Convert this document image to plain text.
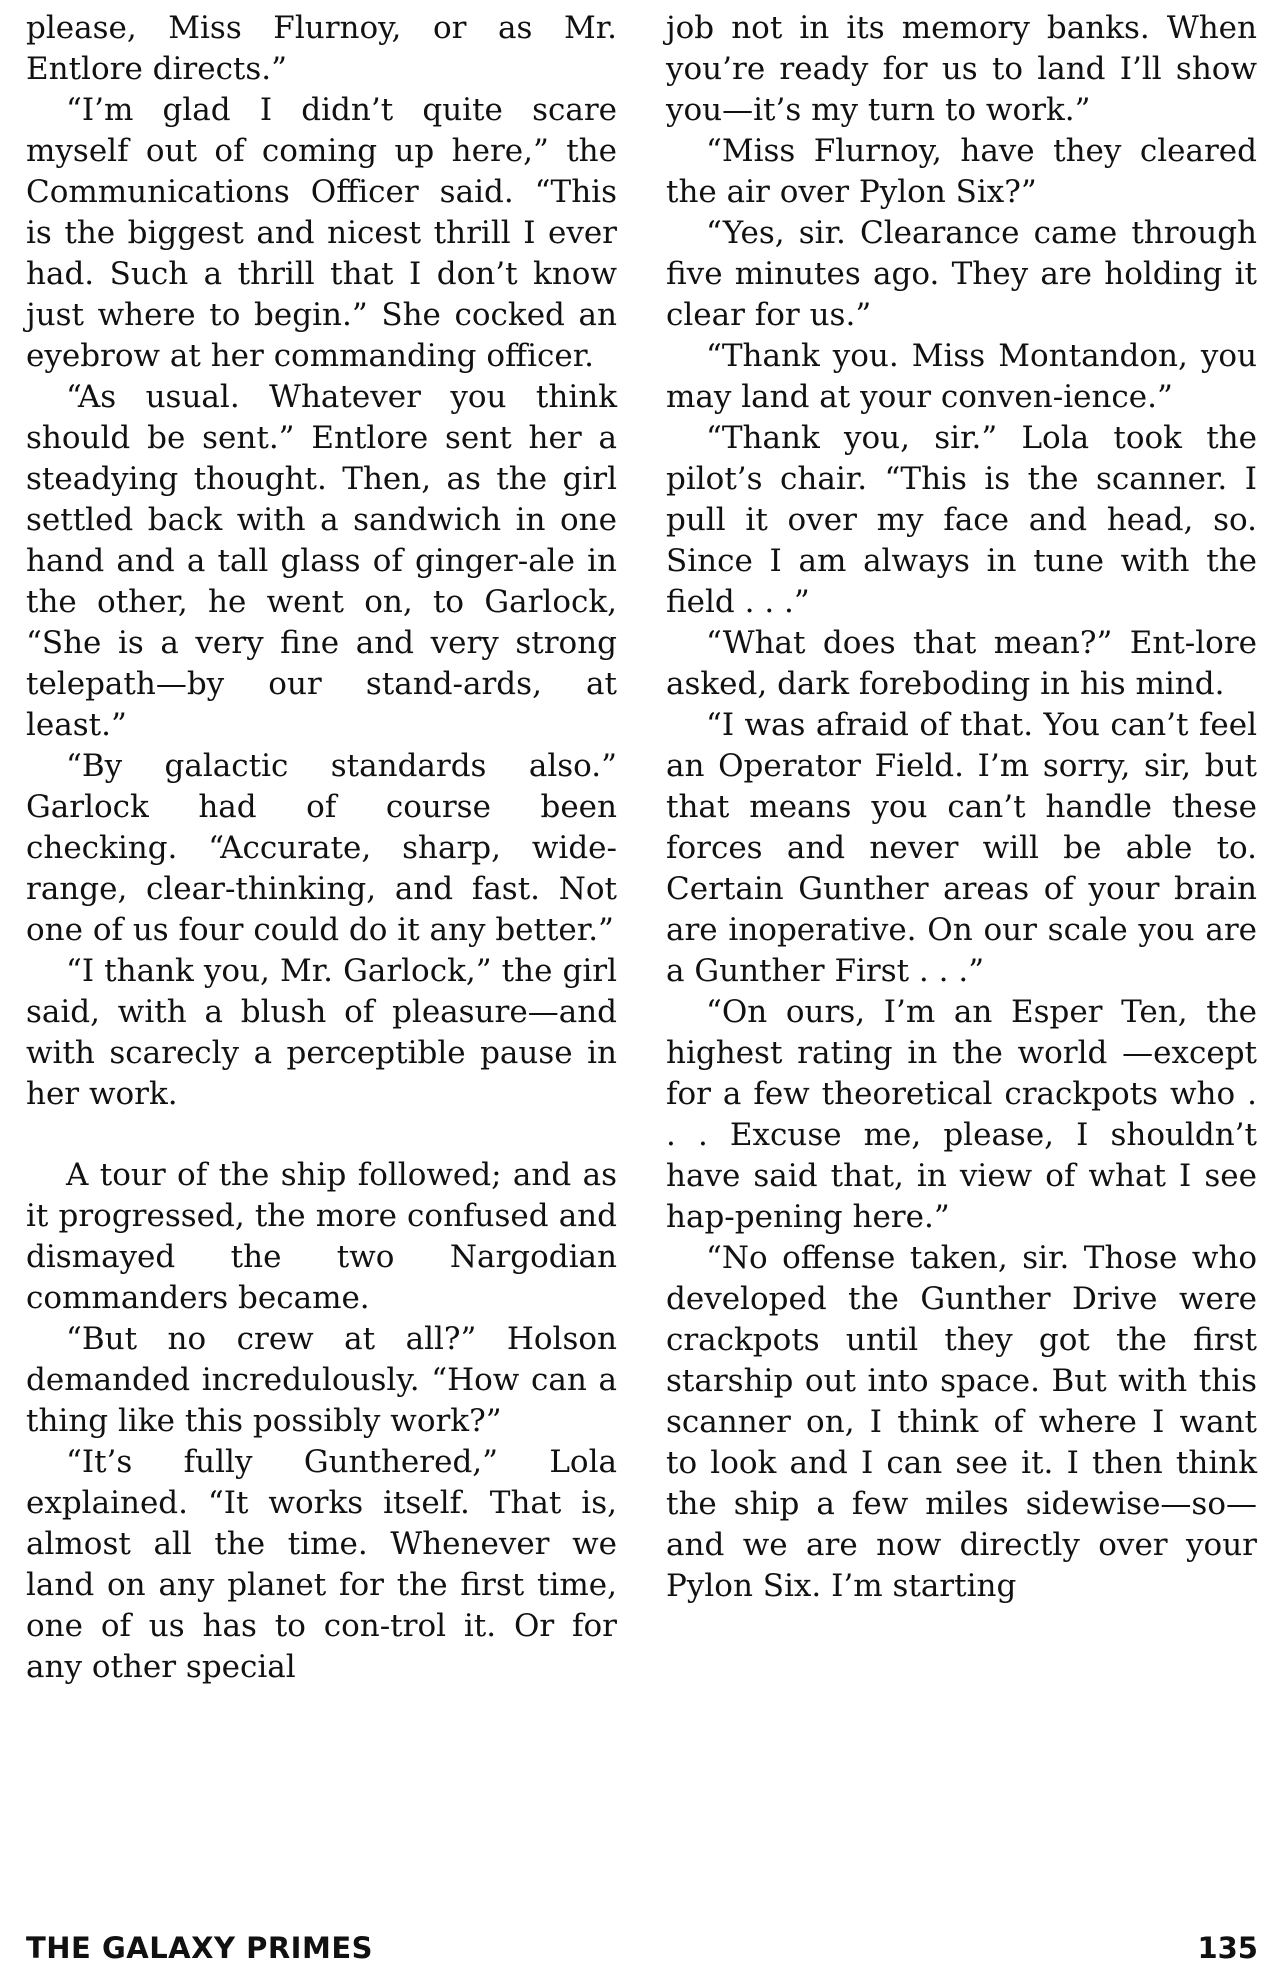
please, Miss Flurnoy, or as Mr. Entlore directs.”

“I’m glad I didn’t quite scare myself out of coming up here,” the Communications Officer said. “This is the biggest and nicest thrill I ever had. Such a thrill that I don’t know just where to begin.” She cocked an eyebrow at her commanding officer.

“As usual. Whatever you think should be sent.” Entlore sent her a steadying thought. Then, as the girl settled back with a sandwich in one hand and a tall glass of ginger-ale in the other, he went on, to Garlock, “She is a very fine and very strong telepath—by our stand-ards, at least.”

“By galactic standards also.” Garlock had of course been checking. “Accurate, sharp, wide-range, clear-thinking, and fast. Not one of us four could do it any better.”

“I thank you, Mr. Garlock,” the girl said, with a blush of pleasure—and with scarecly a perceptible pause in her work.

A tour of the ship followed; and as it progressed, the more confused and dismayed the two Nargodian commanders became.

“But no crew at all?” Holson demanded incredulously. “How can a thing like this possibly work?”

“It’s fully Gunthered,” Lola explained. “It works itself. That is, almost all the time. Whenever we land on any planet for the first time, one of us has to con-trol it. Or for any other special

job not in its memory banks. When you’re ready for us to land I’ll show you—it’s my turn to work.”

“Miss Flurnoy, have they cleared the air over Pylon Six?”

“Yes, sir. Clearance came through five minutes ago. They are holding it clear for us.”

“Thank you. Miss Montandon, you may land at your conven-ience.”

“Thank you, sir.” Lola took the pilot’s chair. “This is the scanner. I pull it over my face and head, so. Since I am always in tune with the field . . .”

“What does that mean?” Ent-lore asked, dark foreboding in his mind.

“I was afraid of that. You can’t feel an Operator Field. I’m sorry, sir, but that means you can’t handle these forces and never will be able to. Certain Gunther areas of your brain are inoperative. On our scale you are a Gunther First . . .”

“On ours, I’m an Esper Ten, the highest rating in the world —except for a few theoretical crackpots who . . . Excuse me, please, I shouldn’t have said that, in view of what I see hap-pening here.”

“No offense taken, sir. Those who developed the Gunther Drive were crackpots until they got the first starship out into space. But with this scanner on, I think of where I want to look and I can see it. I then think the ship a few miles sidewise—so— and we are now directly over your Pylon Six. I’m starting

THE GALAXY PRIMES	135
